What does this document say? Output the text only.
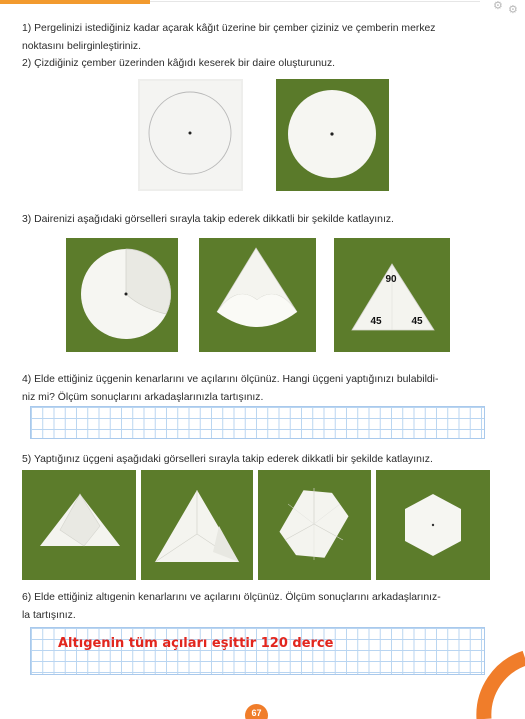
⚙ ⚙
1) Pergelinizi istediğiniz kadar açarak kâğıt üzerine bir çember çiziniz ve çemberin merkez
noktasını belirginleştiriniz.
2) Çizdiğiniz çember üzerinden kâğıdı keserek bir daire oluşturunuz.
3) Dairenizi aşağıdaki görselleri sırayla takip ederek dikkatli bir şekilde katlayınız.
90
45	45
4) Elde ettiğiniz üçgenin kenarlarını ve açılarını ölçünüz. Hangi üçgeni yaptığınızı bulabildi-
niz mi? Ölçüm sonuçlarını arkadaşlarınızla tartışınız.
5) Yaptığınız üçgeni aşağıdaki görselleri sırayla takip ederek dikkatli bir şekilde katlayınız.
6) Elde ettiğiniz altıgenin kenarlarını ve açılarını ölçünüz. Ölçüm sonuçlarını arkadaşlarınız-
la tartışınız.
Altıgenin tüm açıları eşittir 120 derce
67
